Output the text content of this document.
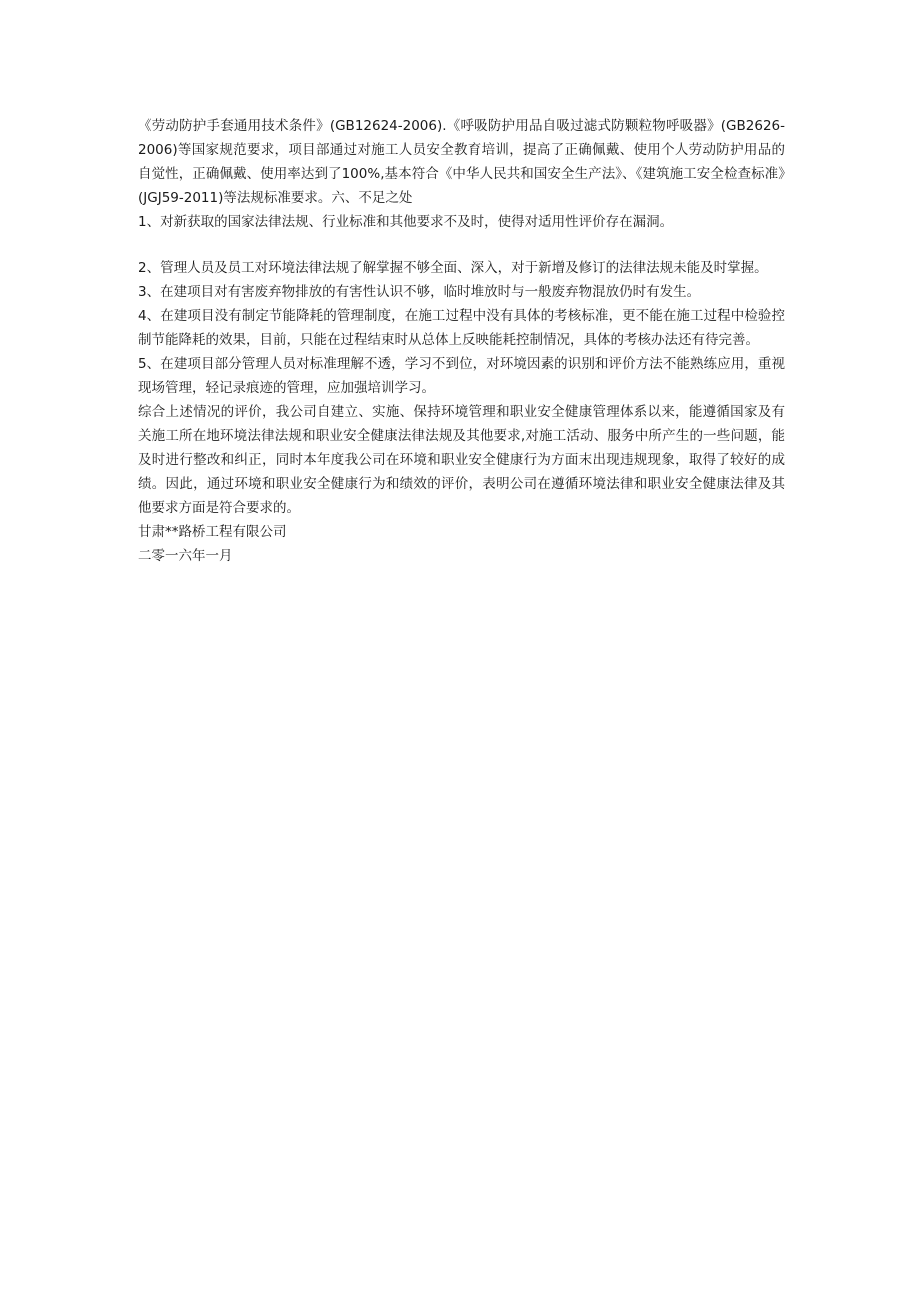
《劳动防护手套通用技术条件》(GB12624-2006).《呼吸防护用品自吸过滤式防颗粒物呼吸器》(GB2626-2006)等国家规范要求，项目部通过对施工人员安全教育培训，提高了正确佩戴、使用个人劳动防护用品的自觉性，正确佩戴、使用率达到了100%,基本符合《中华人民共和国安全生产法》、《建筑施工安全检查标准》(JGJ59-2011)等法规标准要求。六、不足之处

1、对新获取的国家法律法规、行业标准和其他要求不及时，使得对适用性评价存在漏洞。

2、管理人员及员工对环境法律法规了解掌握不够全面、深入，对于新增及修订的法律法规未能及时掌握。

3、在建项目对有害废弃物排放的有害性认识不够，临时堆放时与一般废弃物混放仍时有发生。

4、在建项目没有制定节能降耗的管理制度，在施工过程中没有具体的考核标准，更不能在施工过程中检验控制节能降耗的效果，目前，只能在过程结束时从总体上反映能耗控制情况，具体的考核办法还有待完善。

5、在建项目部分管理人员对标准理解不透，学习不到位，对环境因素的识别和评价方法不能熟练应用，重视现场管理，轻记录痕迹的管理，应加强培训学习。

综合上述情况的评价，我公司自建立、实施、保持环境管理和职业安全健康管理体系以来，能遵循国家及有关施工所在地环境法律法规和职业安全健康法律法规及其他要求,对施工活动、服务中所产生的一些问题，能及时进行整改和纠正，同时本年度我公司在环境和职业安全健康行为方面末出现违规现象，取得了较好的成绩。因此，通过环境和职业安全健康行为和绩效的评价，表明公司在遵循环境法律和职业安全健康法律及其他要求方面是符合要求的。

甘肃**路桥工程有限公司

二零一六年一月
